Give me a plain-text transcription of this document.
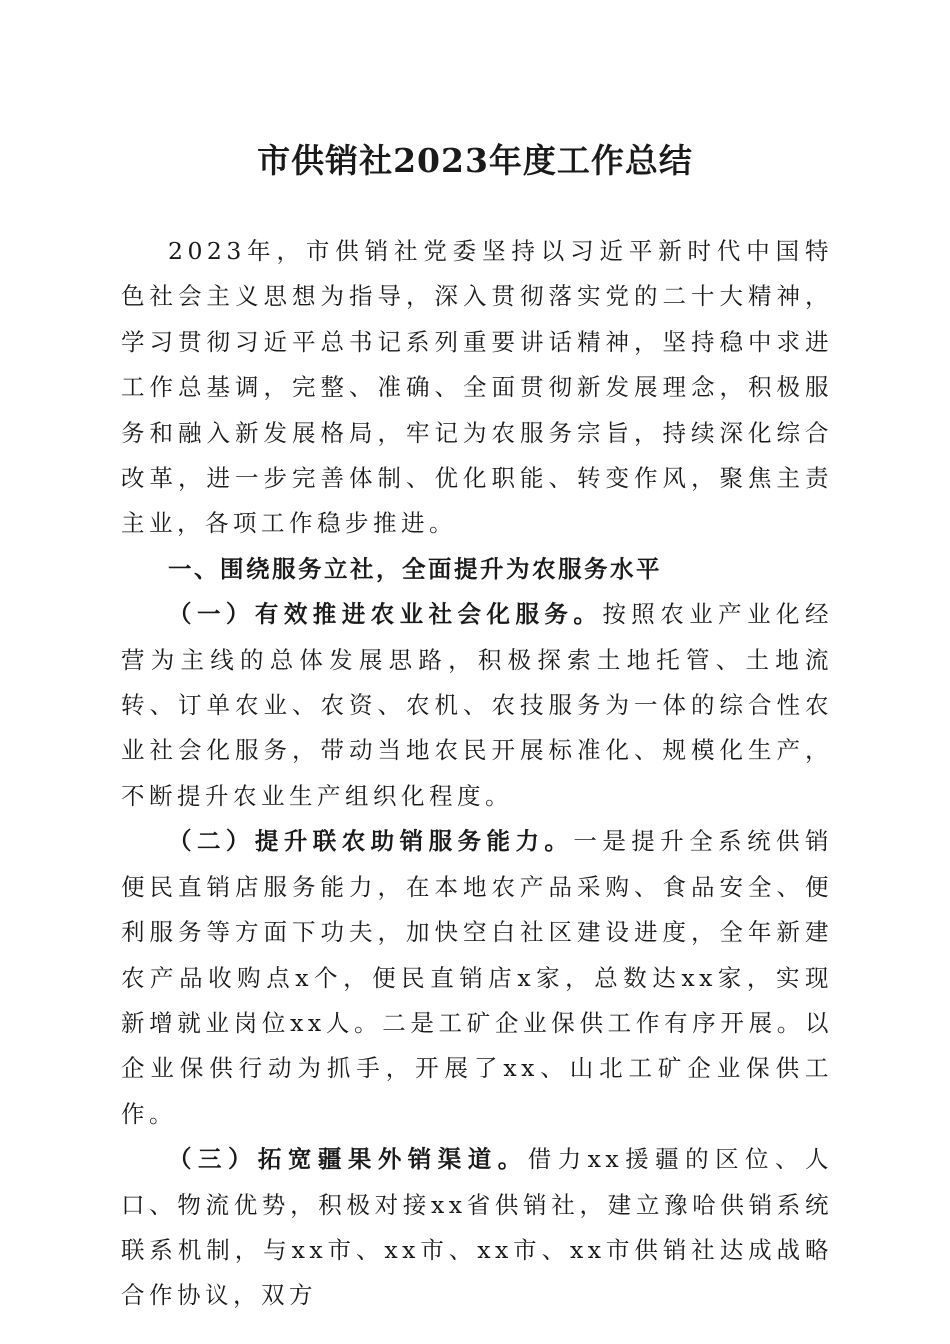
市供销社2023年度工作总结

2023年，市供销社党委坚持以习近平新时代中国特色社会主义思想为指导，深入贯彻落实党的二十大精神，学习贯彻习近平总书记系列重要讲话精神，坚持稳中求进工作总基调，完整、准确、全面贯彻新发展理念，积极服务和融入新发展格局，牢记为农服务宗旨，持续深化综合改革，进一步完善体制、优化职能、转变作风，聚焦主责主业，各项工作稳步推进。

一、围绕服务立社，全面提升为农服务水平

（一）有效推进农业社会化服务。按照农业产业化经营为主线的总体发展思路，积极探索土地托管、土地流转、订单农业、农资、农机、农技服务为一体的综合性农业社会化服务，带动当地农民开展标准化、规模化生产，不断提升农业生产组织化程度。

（二）提升联农助销服务能力。一是提升全系统供销便民直销店服务能力，在本地农产品采购、食品安全、便利服务等方面下功夫，加快空白社区建设进度，全年新建农产品收购点x个，便民直销店x家，总数达xx家，实现新增就业岗位xx人。二是工矿企业保供工作有序开展。以企业保供行动为抓手，开展了xx、山北工矿企业保供工作。

（三）拓宽疆果外销渠道。借力xx援疆的区位、人口、物流优势，积极对接xx省供销社，建立豫哈供销系统联系机制，与xx市、xx市、xx市、xx市供销社达成战略合作协议，双方
